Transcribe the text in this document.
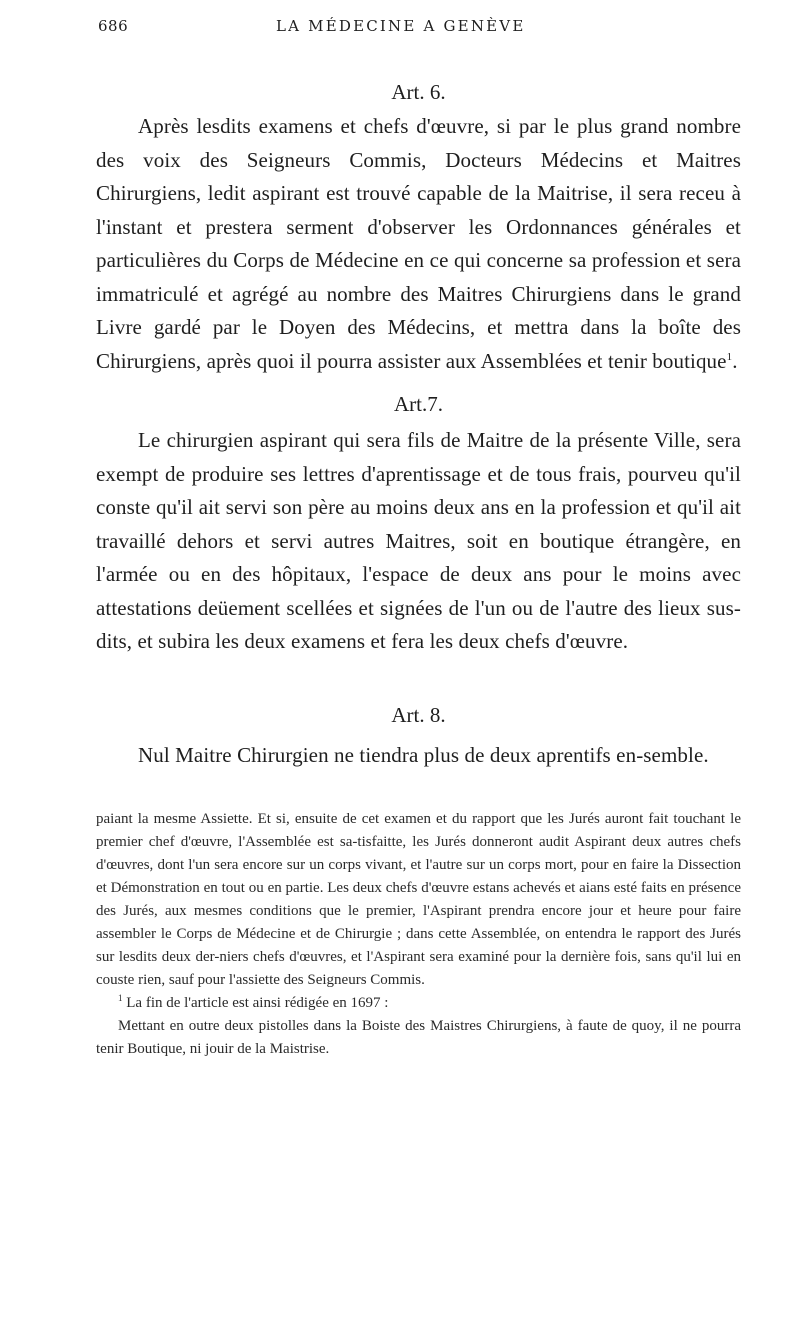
686	LA MÉDECINE A GENÈVE

Art. 6.

Après lesdits examens et chefs d'œuvre, si par le plus grand nombre des voix des Seigneurs Commis, Docteurs Médecins et Maitres Chirurgiens, ledit aspirant est trouvé capable de la Maitrise, il sera receu à l'instant et prestera serment d'observer les Ordonnances générales et particulières du Corps de Médecine en ce qui concerne sa profession et sera immatriculé et agrégé au nombre des Maitres Chirurgiens dans le grand Livre gardé par le Doyen des Médecins, et mettra dans la boîte des Chirurgiens, après quoi il pourra assister aux Assemblées et tenir boutique$^1$.

Art.7.

Le chirurgien aspirant qui sera fils de Maitre de la présente Ville, sera exempt de produire ses lettres d'aprentissage et de tous frais, pourveu qu'il conste qu'il ait servi son père au moins deux ans en la profession et qu'il ait travaillé dehors et servi autres Maitres, soit en boutique étrangère, en l'armée ou en des hôpitaux, l'espace de deux ans pour le moins avec attestations deüement scellées et signées de l'un ou de l'autre des lieux sus-dits, et subira les deux examens et fera les deux chefs d'œuvre.

Art. 8.

Nul Maitre Chirurgien ne tiendra plus de deux aprentifs en-semble.

paiant la mesme Assiette. Et si, ensuite de cet examen et du rapport que les Jurés auront fait touchant le premier chef d'œuvre, l'Assemblée est sa-tisfaitte, les Jurés donneront audit Aspirant deux autres chefs d'œuvres, dont l'un sera encore sur un corps vivant, et l'autre sur un corps mort, pour en faire la Dissection et Démonstration en tout ou en partie. Les deux chefs d'œuvre estans achevés et aians esté faits en présence des Jurés, aux mesmes conditions que le premier, l'Aspirant prendra encore jour et heure pour faire assembler le Corps de Médecine et de Chirurgie ; dans cette Assemblée, on entendra le rapport des Jurés sur lesdits deux der-niers chefs d'œuvres, et l'Aspirant sera examiné pour la dernière fois, sans qu'il lui en couste rien, sauf pour l'assiette des Seigneurs Commis.

$^1$ La fin de l'article est ainsi rédigée en 1697 :

Mettant en outre deux pistolles dans la Boiste des Maistres Chirurgiens, à faute de quoy, il ne pourra tenir Boutique, ni jouir de la Maistrise.
